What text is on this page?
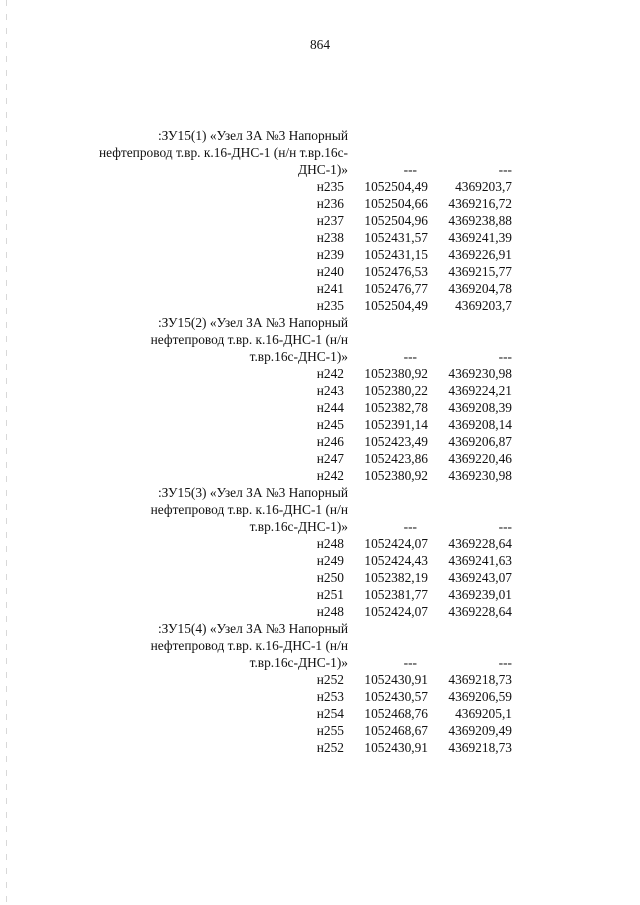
864
:ЗУ15(1) «Узел ЗА №3 Напорный
нефтепровод т.вр. к.16-ДНС-1 (н/н т.вр.16с-
ДНС-1)»	---	---
н235 1052504,49 4369203,7
н236 1052504,66 4369216,72
н237 1052504,96 4369238,88
н238 1052431,57 4369241,39
н239 1052431,15 4369226,91
н240 1052476,53 4369215,77
н241 1052476,77 4369204,78
н235 1052504,49 4369203,7
:ЗУ15(2) «Узел ЗА №3 Напорный
нефтепровод т.вр. к.16-ДНС-1 (н/н
т.вр.16с-ДНС-1)»	---	---
н242 1052380,92 4369230,98
н243 1052380,22 4369224,21
н244 1052382,78 4369208,39
н245 1052391,14 4369208,14
н246 1052423,49 4369206,87
н247 1052423,86 4369220,46
н242 1052380,92 4369230,98
:ЗУ15(3) «Узел ЗА №3 Напорный
нефтепровод т.вр. к.16-ДНС-1 (н/н
т.вр.16с-ДНС-1)»	---	---
н248 1052424,07 4369228,64
н249 1052424,43 4369241,63
н250 1052382,19 4369243,07
н251 1052381,77 4369239,01
н248 1052424,07 4369228,64
:ЗУ15(4) «Узел ЗА №3 Напорный
нефтепровод т.вр. к.16-ДНС-1 (н/н
т.вр.16с-ДНС-1)»	---	---
н252 1052430,91 4369218,73
н253 1052430,57 4369206,59
н254 1052468,76 4369205,1
н255 1052468,67 4369209,49
н252 1052430,91 4369218,73
